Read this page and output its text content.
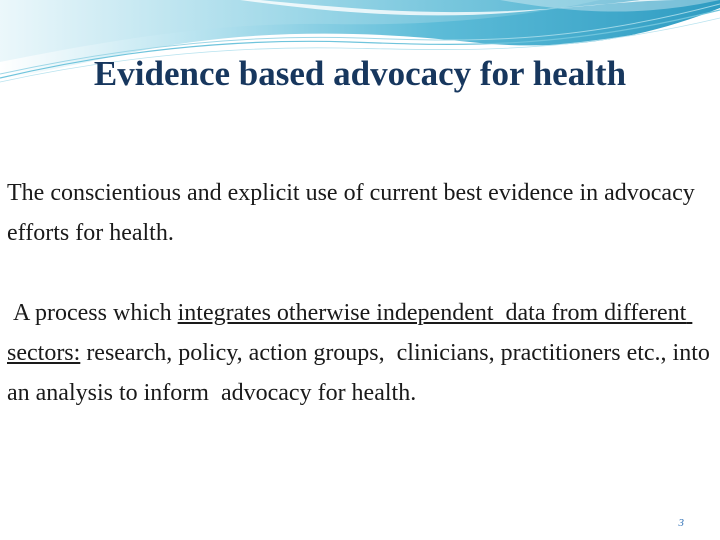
Evidence based advocacy for health
The conscientious and explicit use of current best evidence in advocacy efforts for health.
A process which integrates otherwise independent  data from different sectors: research, policy, action groups,  clinicians, practitioners etc., into an analysis to inform  advocacy for health.
3
